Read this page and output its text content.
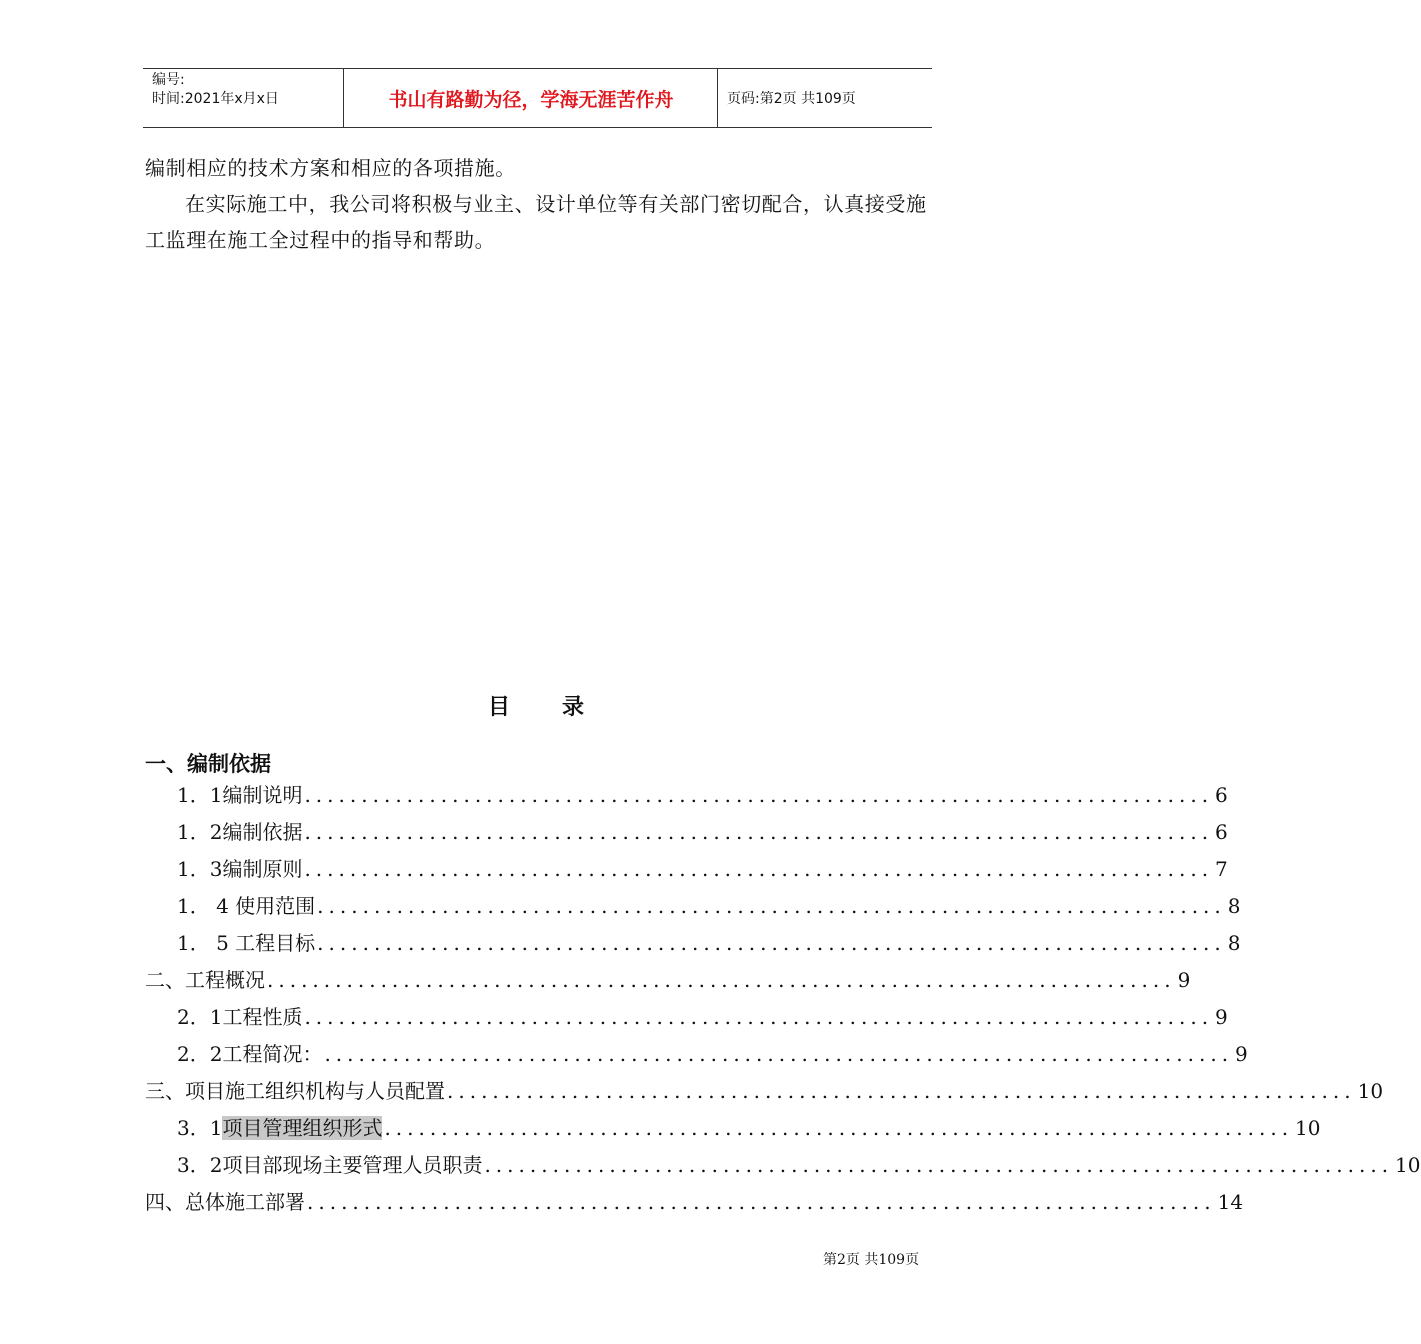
编号:
时间:2021年x月x日	书山有路勤为径，学海无涯苦作舟	页码:第2页 共109页
编制相应的技术方案和相应的各项措施。
在实际施工中，我公司将积极与业主、设计单位等有关部门密切配合，认真接受施工监理在施工全过程中的指导和帮助。
目录
一、编制依据
1．1编制说明 ................................................................................ 6
1．2编制依据 ................................................................................ 6
1．3编制原则 ................................................................................ 7
1． 4 使用范围 ................................................................................ 8
1． 5 工程目标 ................................................................................ 8
二、工程概况 ................................................................................ 9
2．1工程性质 ................................................................................ 9
2．2工程简况： ................................................................................ 9
三、项目施工组织机构与人员配置 ................................................................................ 10
3．1项目管理组织形式 ................................................................................ 10
3．2项目部现场主要管理人员职责 ................................................................................ 10
四、总体施工部署 ................................................................................ 14
第2页 共109页
